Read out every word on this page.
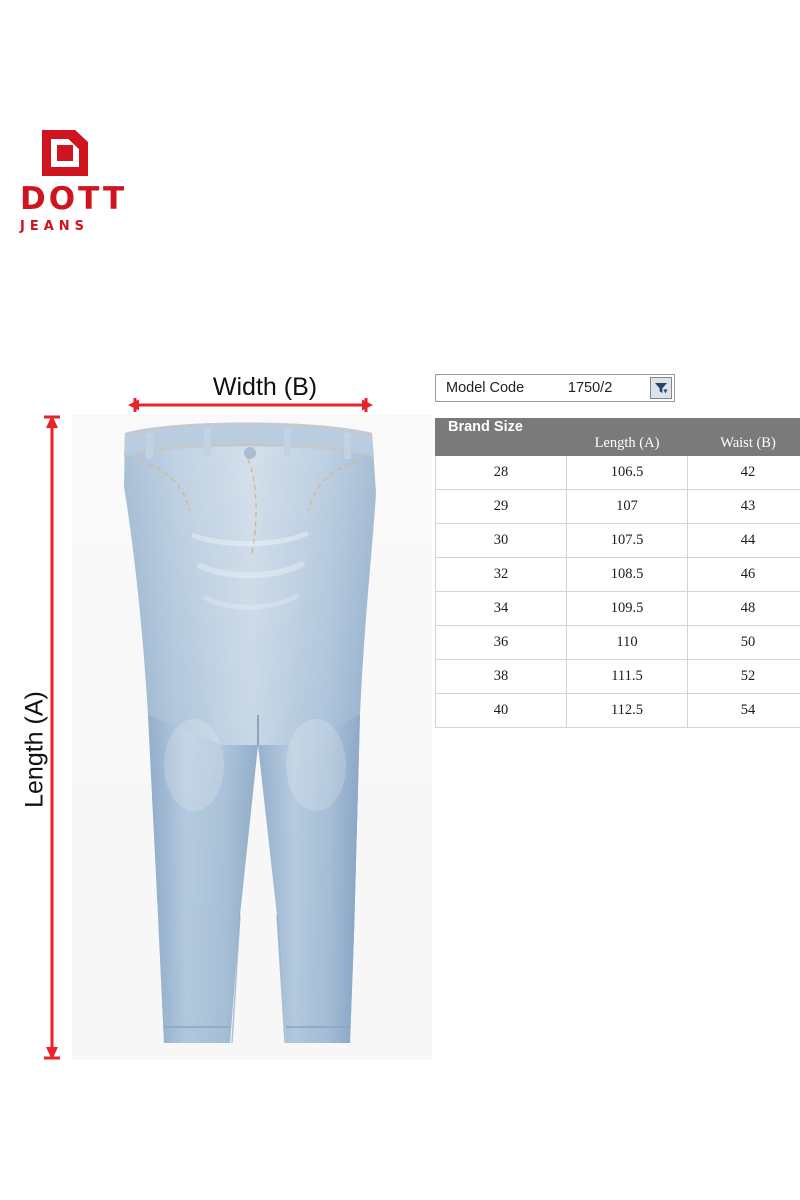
DOTT
JEANS
Width (B)
Length (A)
Model Code	1750/2
Brand Size	Length (A)	Waist (B)
28	106.5	42
29	107	43
30	107.5	44
32	108.5	46
34	109.5	48
36	110	50
38	111.5	52
40	112.5	54
